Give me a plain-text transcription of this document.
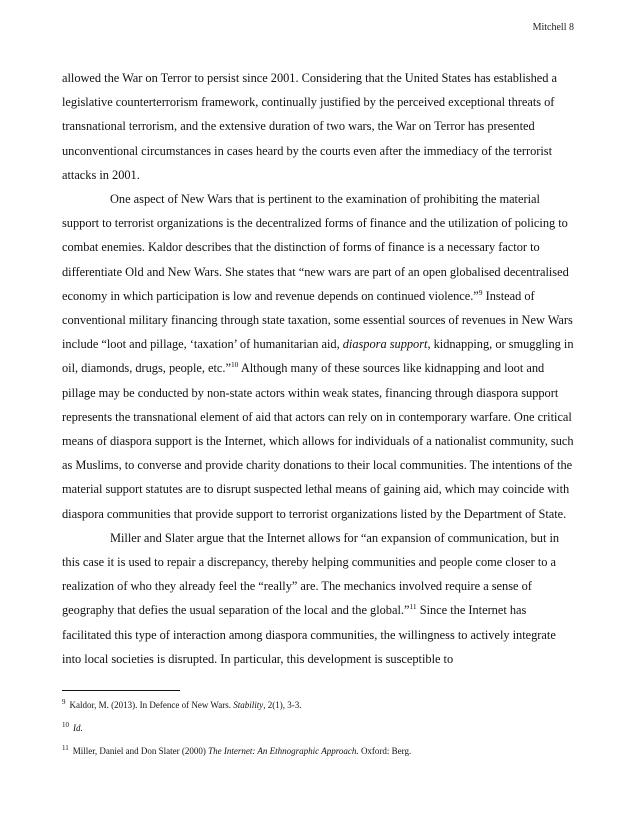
Mitchell 8

allowed the War on Terror to persist since 2001. Considering that the United States has established a legislative counterterrorism framework, continually justified by the perceived exceptional threats of transnational terrorism, and the extensive duration of two wars, the War on Terror has presented unconventional circumstances in cases heard by the courts even after the immediacy of the terrorist attacks in 2001.

One aspect of New Wars that is pertinent to the examination of prohibiting the material support to terrorist organizations is the decentralized forms of finance and the utilization of policing to combat enemies. Kaldor describes that the distinction of forms of finance is a necessary factor to differentiate Old and New Wars. She states that “new wars are part of an open globalised decentralised economy in which participation is low and revenue depends on continued violence.”$^9$ Instead of conventional military financing through state taxation, some essential sources of revenues in New Wars include “loot and pillage, ‘taxation’ of humanitarian aid, diaspora support, kidnapping, or smuggling in oil, diamonds, drugs, people, etc.”$^{10}$ Although many of these sources like kidnapping and loot and pillage may be conducted by non-state actors within weak states, financing through diaspora support represents the transnational element of aid that actors can rely on in contemporary warfare. One critical means of diaspora support is the Internet, which allows for individuals of a nationalist community, such as Muslims, to converse and provide charity donations to their local communities. The intentions of the material support statutes are to disrupt suspected lethal means of gaining aid, which may coincide with diaspora communities that provide support to terrorist organizations listed by the Department of State.

Miller and Slater argue that the Internet allows for “an expansion of communication, but in this case it is used to repair a discrepancy, thereby helping communities and people come closer to a realization of who they already feel the “really” are. The mechanics involved require a sense of geography that defies the usual separation of the local and the global.”$^{11}$ Since the Internet has facilitated this type of interaction among diaspora communities, the willingness to actively integrate into local societies is disrupted. In particular, this development is susceptible to

$^9$ Kaldor, M. (2013). In Defence of New Wars. Stability, 2(1), 3-3.
$^{10}$ Id.
$^{11}$ Miller, Daniel and Don Slater (2000) The Internet: An Ethnographic Approach. Oxford: Berg.
